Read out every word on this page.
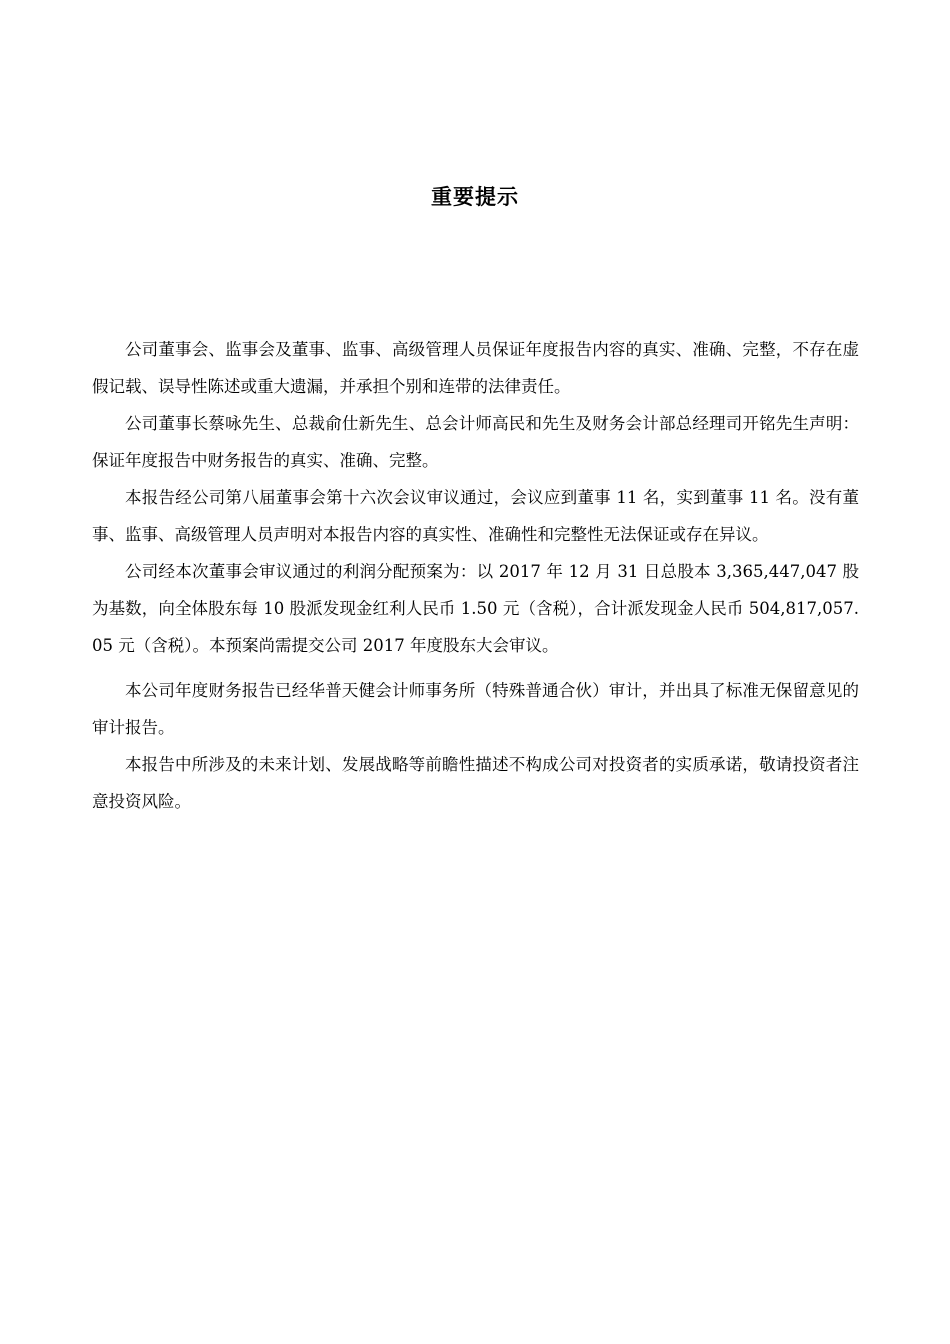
重要提示

公司董事会、监事会及董事、监事、高级管理人员保证年度报告内容的真实、准确、完整，不存在虚假记载、误导性陈述或重大遗漏，并承担个别和连带的法律责任。

公司董事长蔡咏先生、总裁俞仕新先生、总会计师高民和先生及财务会计部总经理司开铭先生声明：保证年度报告中财务报告的真实、准确、完整。

本报告经公司第八届董事会第十六次会议审议通过，会议应到董事 11 名，实到董事 11 名。没有董事、监事、高级管理人员声明对本报告内容的真实性、准确性和完整性无法保证或存在异议。

公司经本次董事会审议通过的利润分配预案为：以 2017 年 12 月 31 日总股本 3,365,447,047 股为基数，向全体股东每 10 股派发现金红利人民币 1.50 元（含税），合计派发现金人民币 504,817,057.05 元（含税）。本预案尚需提交公司 2017 年度股东大会审议。

本公司年度财务报告已经华普天健会计师事务所（特殊普通合伙）审计，并出具了标准无保留意见的审计报告。

本报告中所涉及的未来计划、发展战略等前瞻性描述不构成公司对投资者的实质承诺，敬请投资者注意投资风险。
